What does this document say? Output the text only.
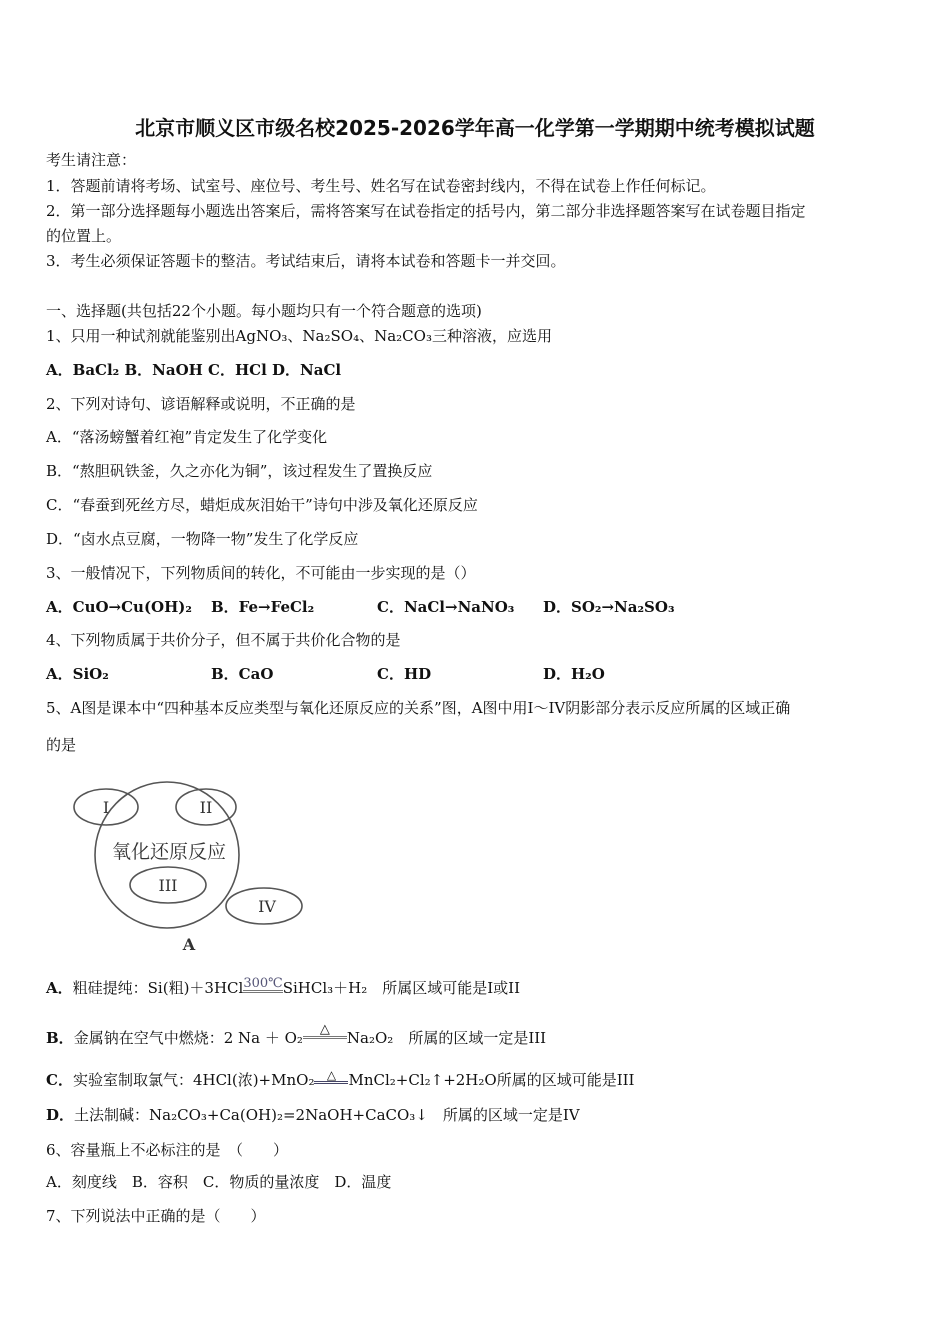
北京市顺义区市级名校2025-2026学年高一化学第一学期期中统考模拟试题
考生请注意：
1．答题前请将考场、试室号、座位号、考生号、姓名写在试卷密封线内，不得在试卷上作任何标记。
2．第一部分选择题每小题选出答案后，需将答案写在试卷指定的括号内，第二部分非选择题答案写在试卷题目指定
的位置上。
3．考生必须保证答题卡的整洁。考试结束后，请将本试卷和答题卡一并交回。
一、选择题(共包括22个小题。每小题均只有一个符合题意的选项)
1、只用一种试剂就能鉴别出AgNO₃、Na₂SO₄、Na₂CO₃三种溶液，应选用
A．BaCl₂ B．NaOH C．HCl D．NaCl
2、下列对诗句、谚语解释或说明，不正确的是
A．“落汤螃蟹着红袍”肯定发生了化学变化
B．“熬胆矾铁釜，久之亦化为铜”，该过程发生了置换反应
C．“春蚕到死丝方尽，蜡炬成灰泪始干”诗句中涉及氧化还原反应
D．“卤水点豆腐，一物降一物”发生了化学反应
3、一般情况下，下列物质间的转化，不可能由一步实现的是（）
A．CuO→Cu(OH)₂ B．Fe→FeCl₂	C．NaCl→NaNO₃ D．SO₂→Na₂SO₃
4、下列物质属于共价分子，但不属于共价化合物的是
A．SiO₂	B．CaO	C．HD	D．H₂O
5、A图是课本中“四种基本反应类型与氧化还原反应的关系”图，A图中用I～IV阴影部分表示反应所属的区域正确
的是
I	II
III
IV
氧化还原反应
A
A．粗硅提纯：Si(粗)＋3HCl300℃SiHCl₃＋H₂　所属区域可能是I或II
B．金属钠在空气中燃烧：2 Na ＋ O₂ △ Na₂O₂　所属的区域一定是III
C．实验室制取氯气：4HCl(浓)+MnO₂ △ MnCl₂+Cl₂↑+2H₂O所属的区域可能是III
D．土法制碱：Na₂CO₃+Ca(OH)₂=2NaOH+CaCO₃↓　所属的区域一定是IV
6、容量瓶上不必标注的是　（　　）
A．刻度线　B．容积　C．物质的量浓度　D．温度
7、下列说法中正确的是（　　）
